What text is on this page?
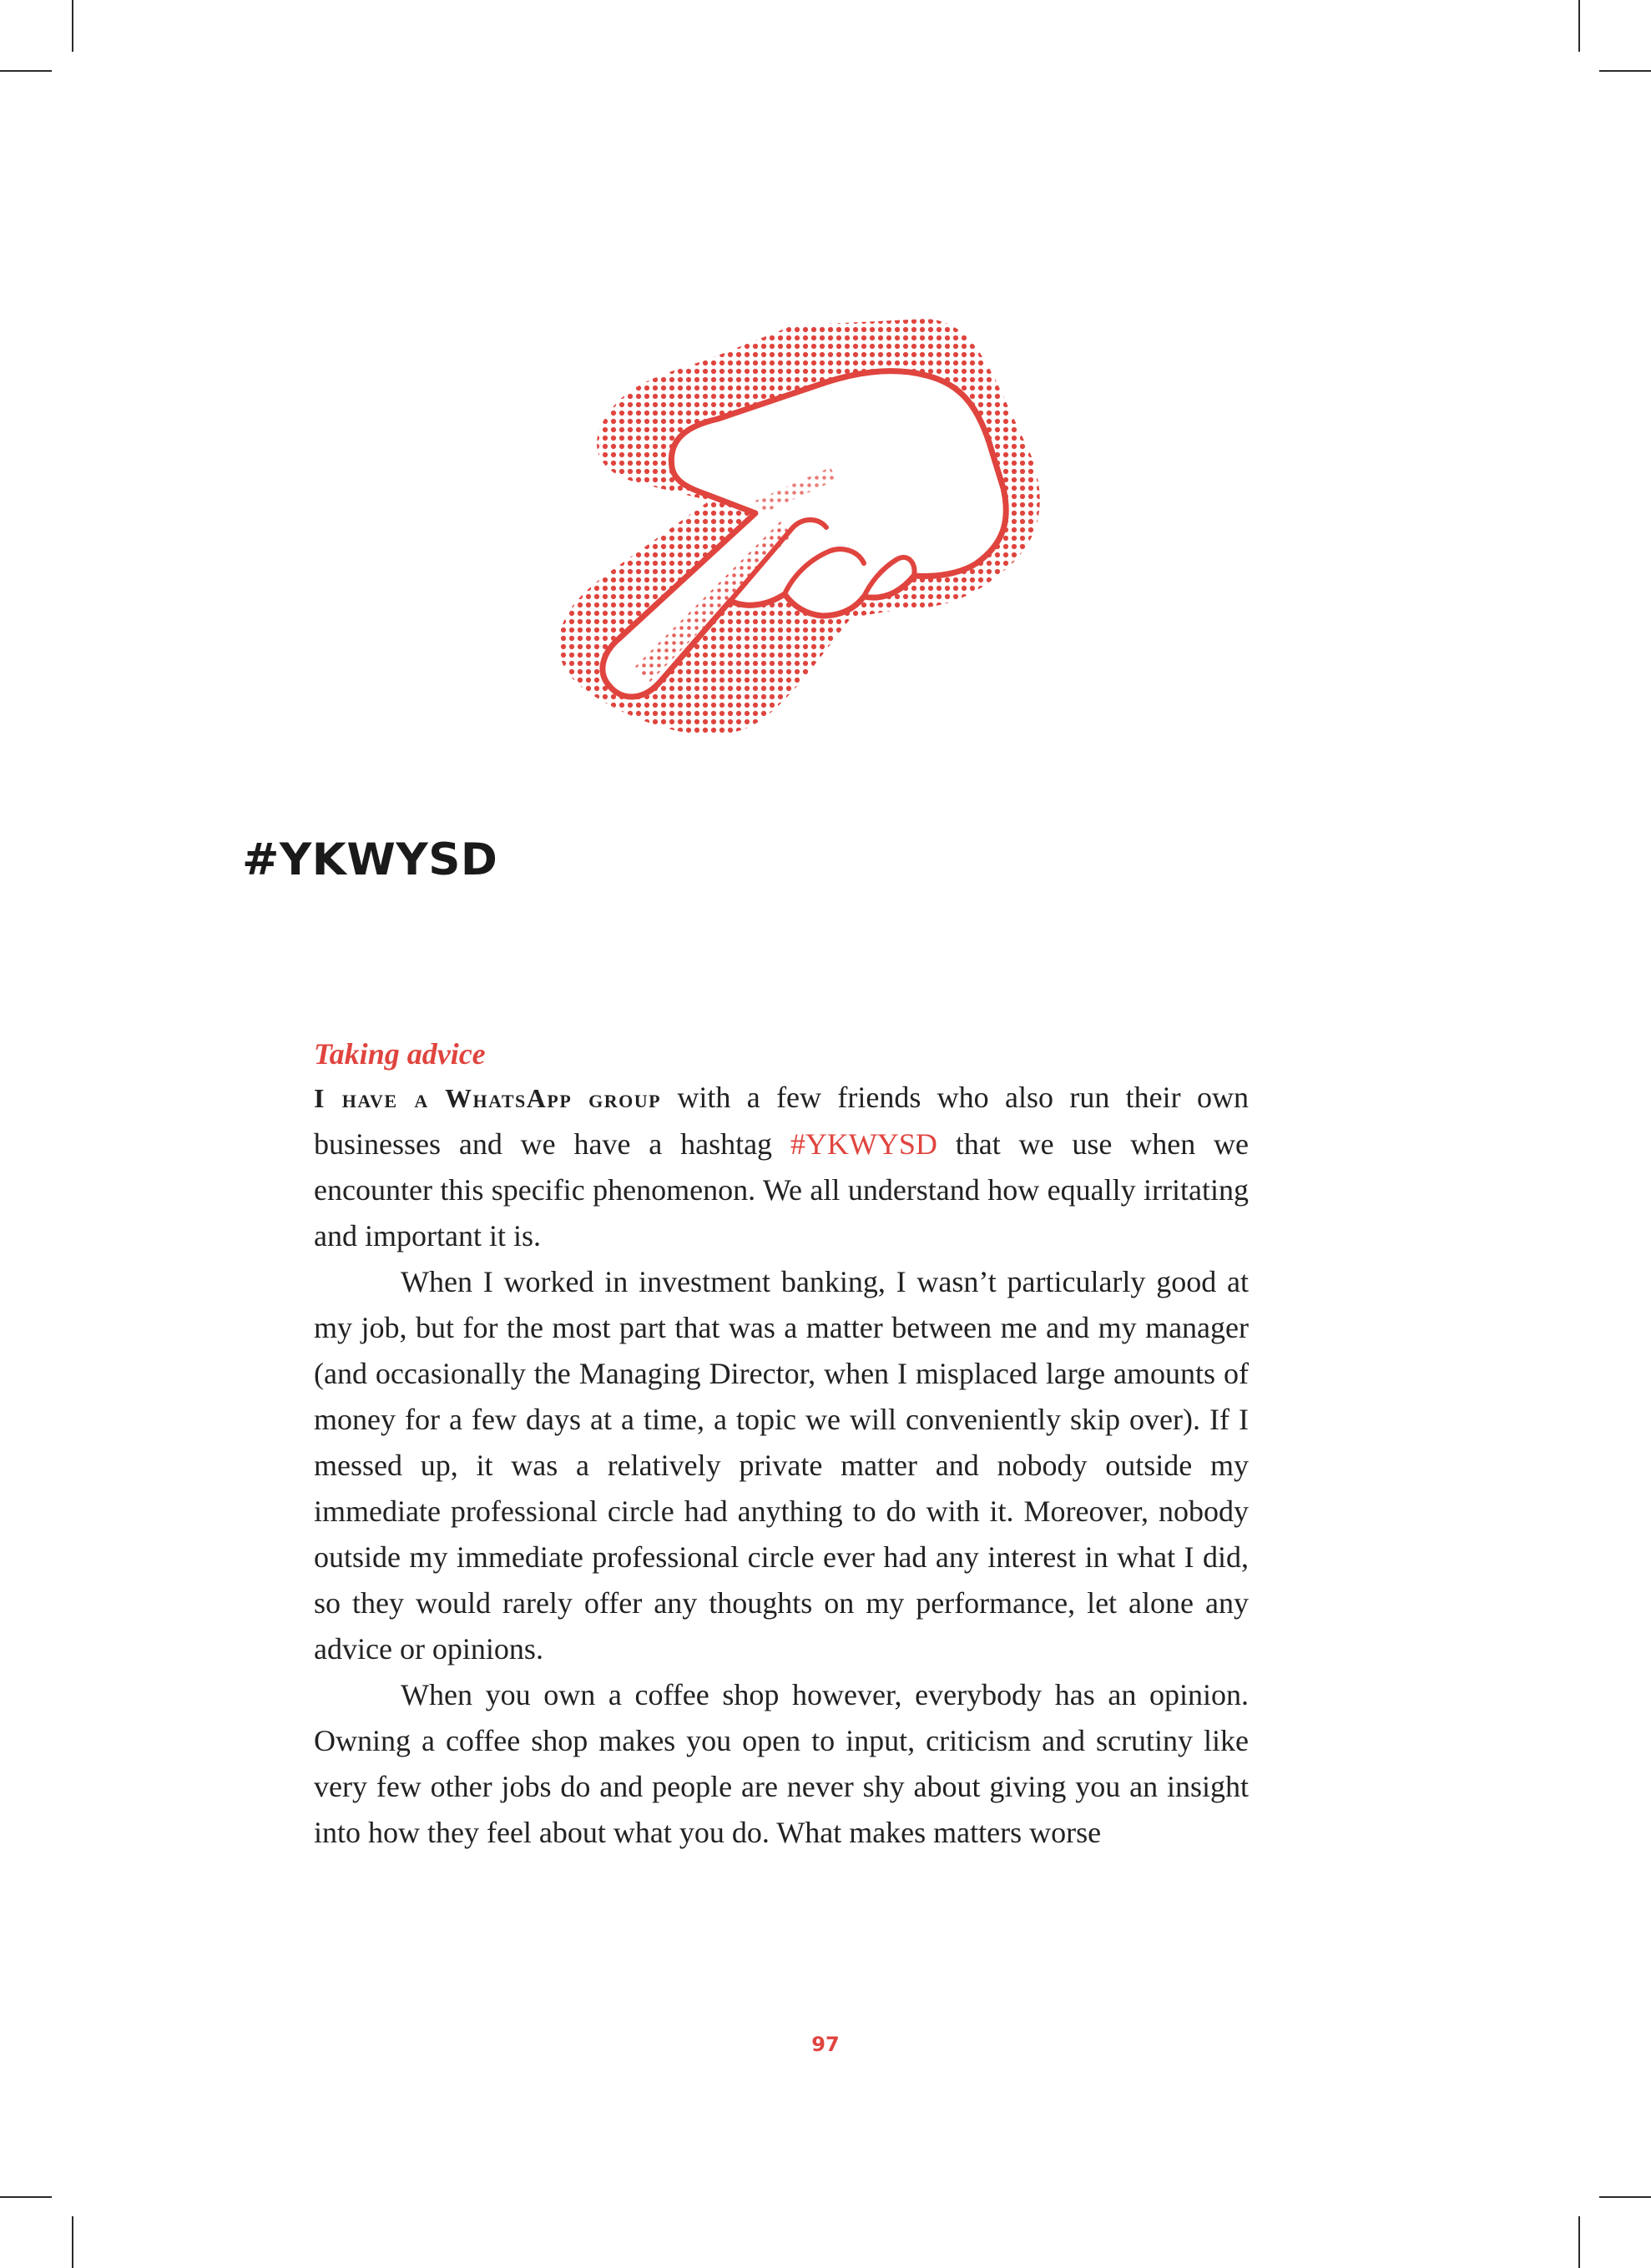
#YKWYSD
Taking advice

I have a WhatsApp group with a few friends who also run their own businesses and we have a hashtag #YKWYSD that we use when we encounter this specific phenomenon. We all understand how equally irritating and important it is.

When I worked in investment banking, I wasn’t particularly good at my job, but for the most part that was a matter between me and my manager (and occasionally the Managing Director, when I misplaced large amounts of money for a few days at a time, a topic we will conveniently skip over). If I messed up, it was a relatively private matter and nobody outside my immediate professional circle had anything to do with it. Moreover, nobody outside my immediate professional circle ever had any interest in what I did, so they would rarely offer any thoughts on my performance, let alone any advice or opinions.

When you own a coffee shop however, everybody has an opinion. Owning a coffee shop makes you open to input, criticism and scrutiny like very few other jobs do and people are never shy about giving you an insight into how they feel about what you do. What makes matters worse

97
